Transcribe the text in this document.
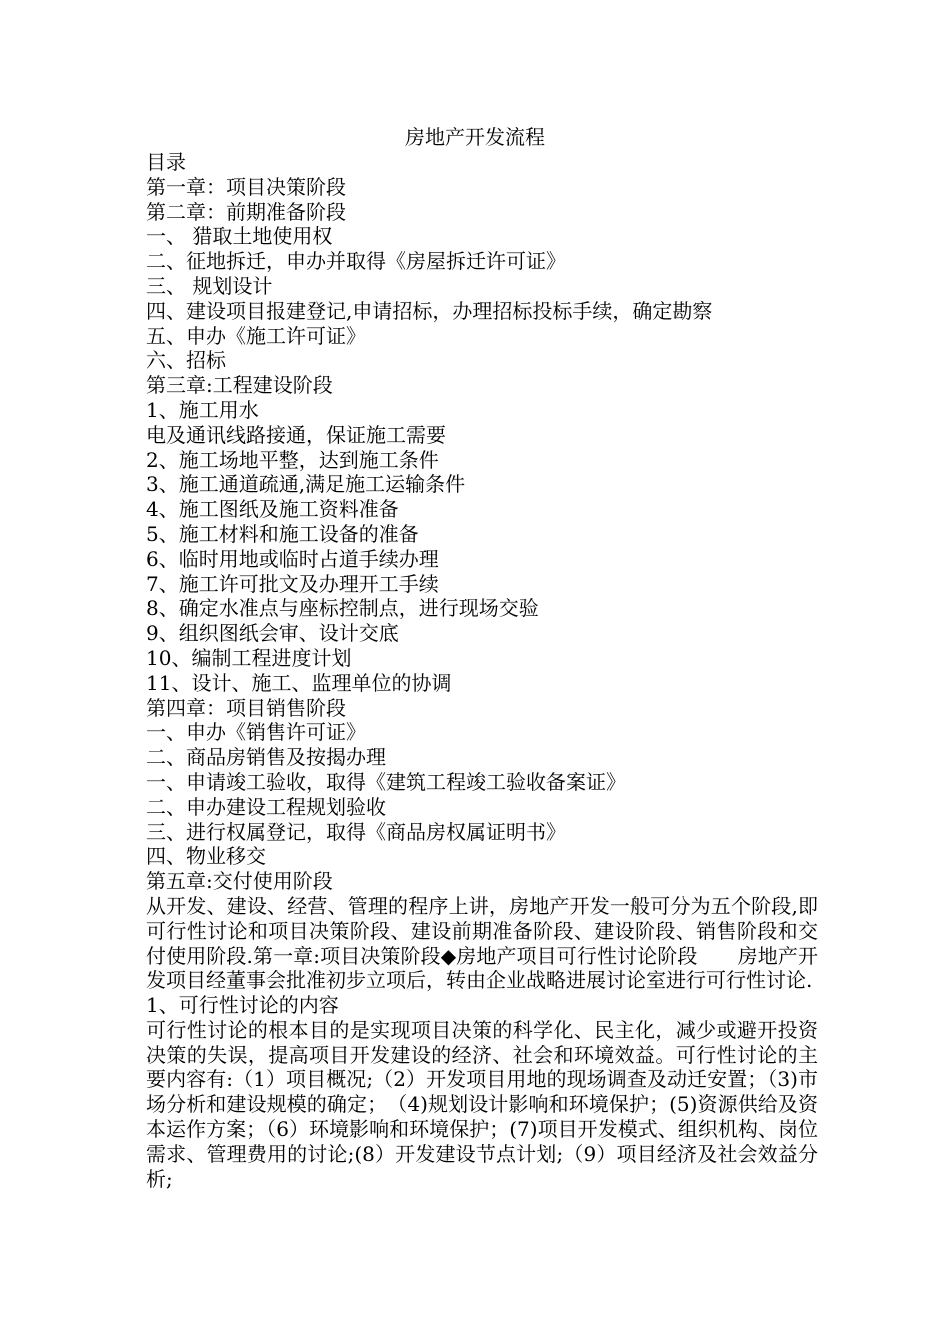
房地产开发流程
目录
第一章：项目决策阶段
第二章：前期准备阶段
一、 猎取土地使用权
二、征地拆迁，申办并取得《房屋拆迁许可证》
三、 规划设计
四、建设项目报建登记,申请招标，办理招标投标手续，确定勘察
五、申办《施工许可证》
六、招标
第三章:工程建设阶段
1、施工用水
电及通讯线路接通，保证施工需要
2、施工场地平整，达到施工条件
3、施工通道疏通,满足施工运输条件
4、施工图纸及施工资料准备
5、施工材料和施工设备的准备
6、临时用地或临时占道手续办理
7、施工许可批文及办理开工手续
8、确定水准点与座标控制点，进行现场交验
9、组织图纸会审、设计交底
10、编制工程进度计划
11、设计、施工、监理单位的协调
第四章：项目销售阶段
一、申办《销售许可证》
二、商品房销售及按揭办理
一、申请竣工验收，取得《建筑工程竣工验收备案证》
二、申办建设工程规划验收
三、进行权属登记，取得《商品房权属证明书》
四、物业移交
第五章:交付使用阶段
从开发、建设、经营、管理的程序上讲，房地产开发一般可分为五个阶段,即可行性讨论和项目决策阶段、建设前期准备阶段、建设阶段、销售阶段和交付使用阶段.第一章:项目决策阶段◆房地产项目可行性讨论阶段　　房地产开发项目经董事会批准初步立项后，转由企业战略进展讨论室进行可行性讨论.
1、可行性讨论的内容
可行性讨论的根本目的是实现项目决策的科学化、民主化，减少或避开投资决策的失误，提高项目开发建设的经济、社会和环境效益。可行性讨论的主要内容有:（1）项目概况;（2）开发项目用地的现场调查及动迁安置；（3)市场分析和建设规模的确定；　（4)规划设计影响和环境保护；(5)资源供给及资本运作方案；（6）环境影响和环境保护；(7)项目开发模式、组织机构、岗位需求、管理费用的讨论;(8）开发建设节点计划;（9）项目经济及社会效益分析;
